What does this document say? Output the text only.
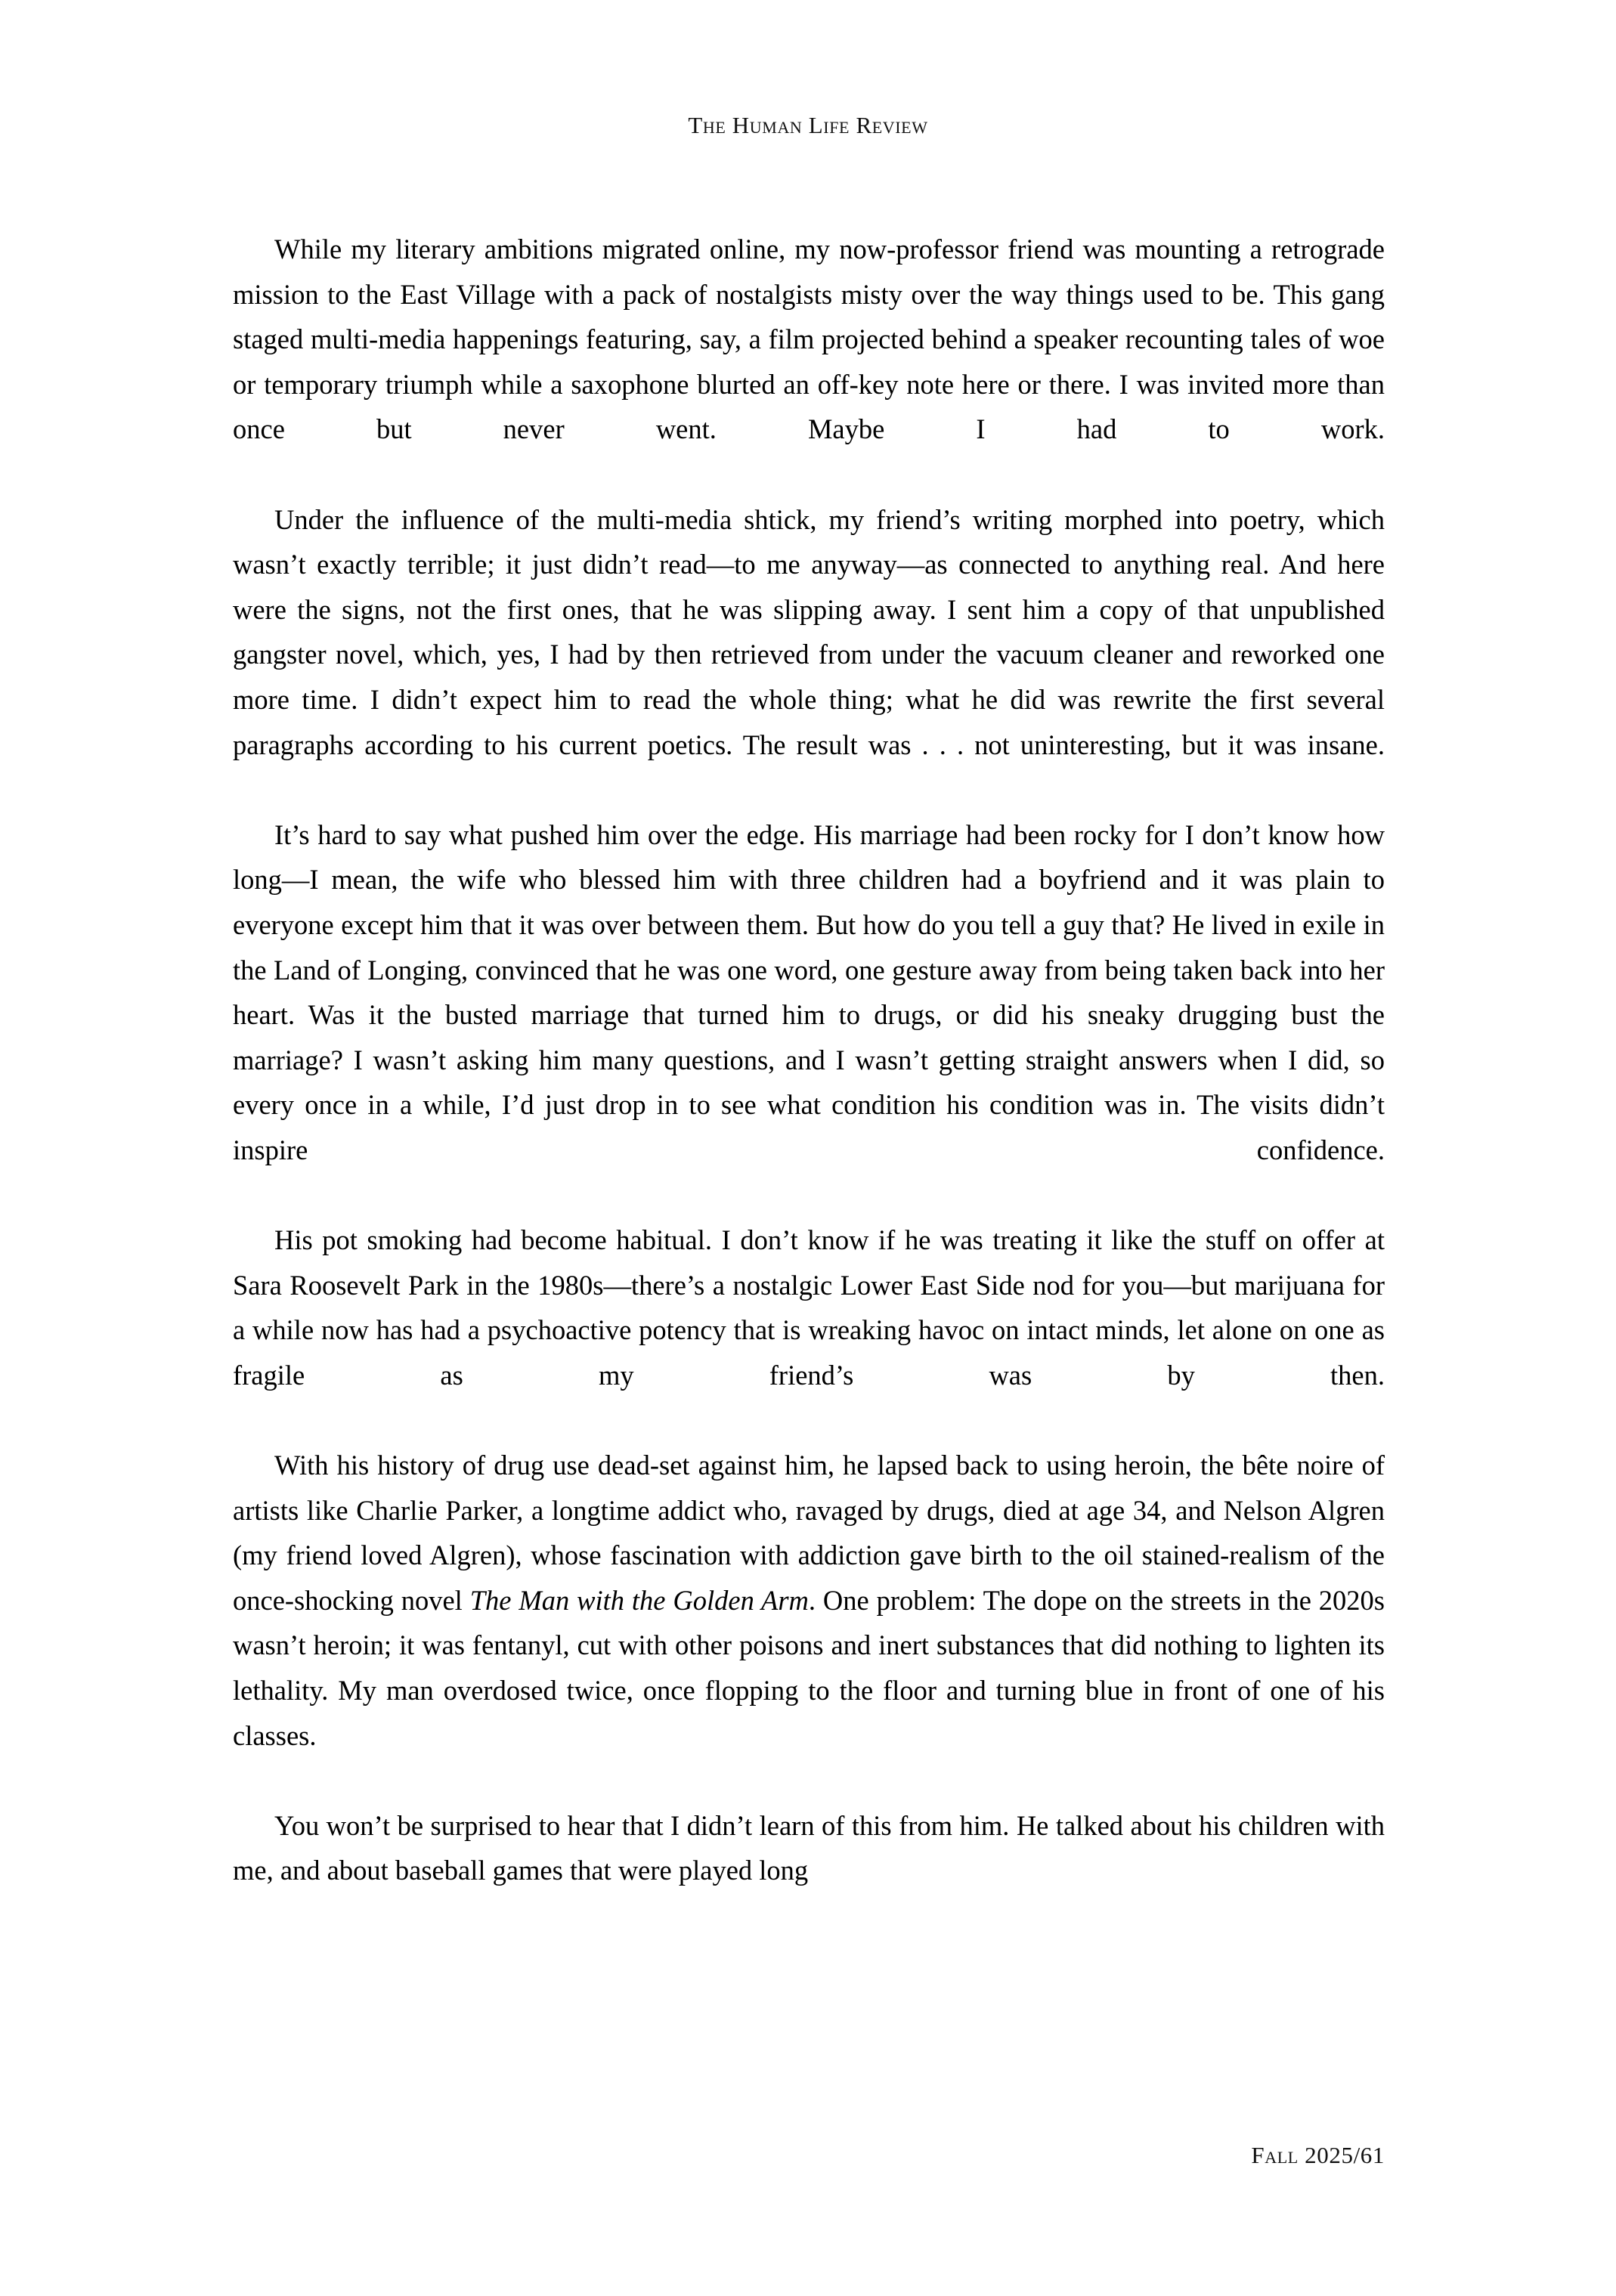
The Human Life Review

While my literary ambitions migrated online, my now-professor friend was mounting a retrograde mission to the East Village with a pack of nostalgists misty over the way things used to be. This gang staged multi-media happenings featuring, say, a film projected behind a speaker recounting tales of woe or temporary triumph while a saxophone blurted an off-key note here or there. I was invited more than once but never went. Maybe I had to work.

Under the influence of the multi-media shtick, my friend’s writing morphed into poetry, which wasn’t exactly terrible; it just didn’t read—to me anyway—as connected to anything real. And here were the signs, not the first ones, that he was slipping away. I sent him a copy of that unpublished gangster novel, which, yes, I had by then retrieved from under the vacuum cleaner and reworked one more time. I didn’t expect him to read the whole thing; what he did was rewrite the first several paragraphs according to his current poetics. The result was . . . not uninteresting, but it was insane.

It’s hard to say what pushed him over the edge. His marriage had been rocky for I don’t know how long—I mean, the wife who blessed him with three children had a boyfriend and it was plain to everyone except him that it was over between them. But how do you tell a guy that? He lived in exile in the Land of Longing, convinced that he was one word, one gesture away from being taken back into her heart. Was it the busted marriage that turned him to drugs, or did his sneaky drugging bust the marriage? I wasn’t asking him many questions, and I wasn’t getting straight answers when I did, so every once in a while, I’d just drop in to see what condition his condition was in. The visits didn’t inspire confidence.

His pot smoking had become habitual. I don’t know if he was treating it like the stuff on offer at Sara Roosevelt Park in the 1980s—there’s a nostalgic Lower East Side nod for you—but marijuana for a while now has had a psychoactive potency that is wreaking havoc on intact minds, let alone on one as fragile as my friend’s was by then.

With his history of drug use dead-set against him, he lapsed back to using heroin, the bête noire of artists like Charlie Parker, a longtime addict who, ravaged by drugs, died at age 34, and Nelson Algren (my friend loved Algren), whose fascination with addiction gave birth to the oil stained-realism of the once-shocking novel The Man with the Golden Arm. One problem: The dope on the streets in the 2020s wasn’t heroin; it was fentanyl, cut with other poisons and inert substances that did nothing to lighten its lethality. My man overdosed twice, once flopping to the floor and turning blue in front of one of his classes.

You won’t be surprised to hear that I didn’t learn of this from him. He talked about his children with me, and about baseball games that were played long

Fall 2025/61
